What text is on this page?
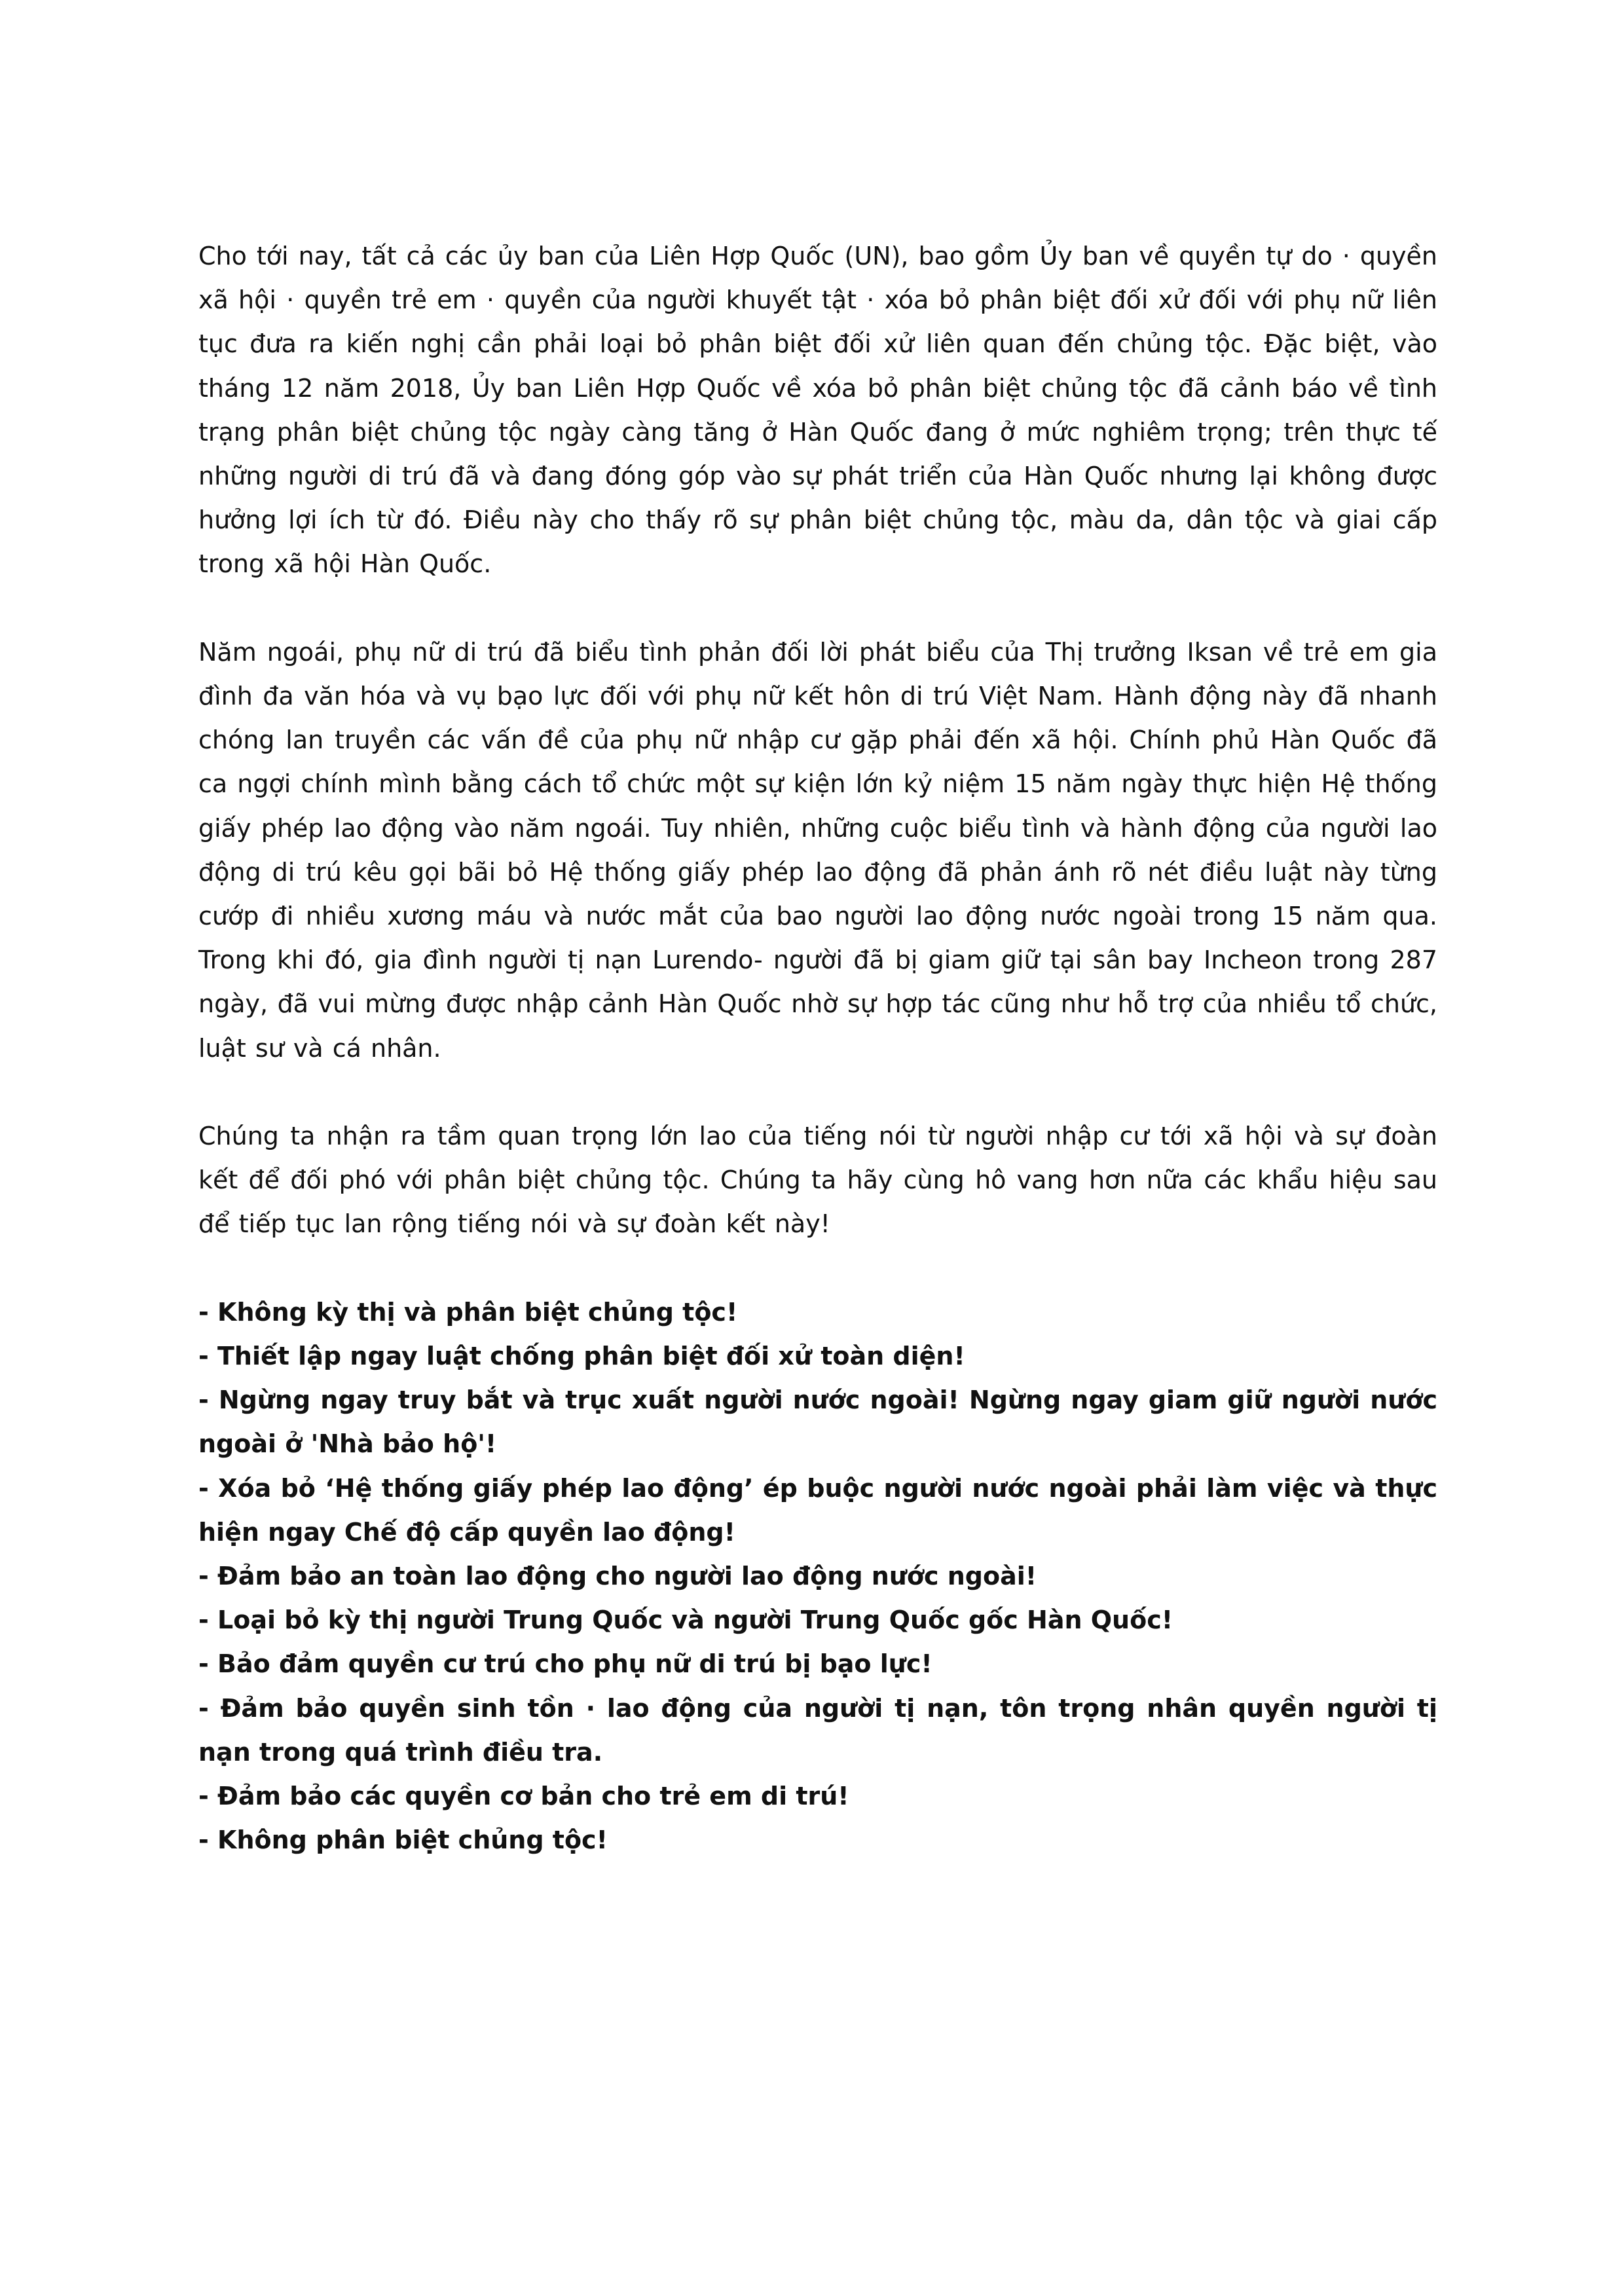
Cho tới nay, tất cả các ủy ban của Liên Hợp Quốc (UN), bao gồm Ủy ban về quyền tự do · quyền xã hội · quyền trẻ em · quyền của người khuyết tật · xóa bỏ phân biệt đối xử đối với phụ nữ liên tục đưa ra kiến nghị cần phải loại bỏ phân biệt đối xử liên quan đến chủng tộc. Đặc biệt, vào tháng 12 năm 2018, Ủy ban Liên Hợp Quốc về xóa bỏ phân biệt chủng tộc đã cảnh báo về tình trạng phân biệt chủng tộc ngày càng tăng ở Hàn Quốc đang ở mức nghiêm trọng; trên thực tế những người di trú đã và đang đóng góp vào sự phát triển của Hàn Quốc nhưng lại không được hưởng lợi ích từ đó. Điều này cho thấy rõ sự phân biệt chủng tộc, màu da, dân tộc và giai cấp trong xã hội Hàn Quốc.

Năm ngoái, phụ nữ di trú đã biểu tình phản đối lời phát biểu của Thị trưởng Iksan về trẻ em gia đình đa văn hóa và vụ bạo lực đối với phụ nữ kết hôn di trú Việt Nam. Hành động này đã nhanh chóng lan truyền các vấn đề của phụ nữ nhập cư gặp phải đến xã hội. Chính phủ Hàn Quốc đã ca ngợi chính mình bằng cách tổ chức một sự kiện lớn kỷ niệm 15 năm ngày thực hiện Hệ thống giấy phép lao động vào năm ngoái. Tuy nhiên, những cuộc biểu tình và hành động của người lao động di trú kêu gọi bãi bỏ Hệ thống giấy phép lao động đã phản ánh rõ nét điều luật này từng cướp đi nhiều xương máu và nước mắt của bao người lao động nước ngoài trong 15 năm qua. Trong khi đó, gia đình người tị nạn Lurendo- người đã bị giam giữ tại sân bay Incheon trong 287 ngày, đã vui mừng được nhập cảnh Hàn Quốc nhờ sự hợp tác cũng như hỗ trợ của nhiều tổ chức, luật sư và cá nhân.

Chúng ta nhận ra tầm quan trọng lớn lao của tiếng nói từ người nhập cư tới xã hội và sự đoàn kết để đối phó với phân biệt chủng tộc. Chúng ta hãy cùng hô vang hơn nữa các khẩu hiệu sau để tiếp tục lan rộng tiếng nói và sự đoàn kết này!

- Không kỳ thị và phân biệt chủng tộc!
- Thiết lập ngay luật chống phân biệt đối xử toàn diện!
- Ngừng ngay truy bắt và trục xuất người nước ngoài! Ngừng ngay giam giữ người nước ngoài ở 'Nhà bảo hộ'!
- Xóa bỏ ‘Hệ thống giấy phép lao động’ ép buộc người nước ngoài phải làm việc và thực hiện ngay Chế độ cấp quyền lao động!
- Đảm bảo an toàn lao động cho người lao động nước ngoài!
- Loại bỏ kỳ thị người Trung Quốc và người Trung Quốc gốc Hàn Quốc!
- Bảo đảm quyền cư trú cho phụ nữ di trú bị bạo lực!
- Đảm bảo quyền sinh tồn · lao động của người tị nạn, tôn trọng nhân quyền người tị nạn trong quá trình điều tra.
- Đảm bảo các quyền cơ bản cho trẻ em di trú!
- Không phân biệt chủng tộc!
